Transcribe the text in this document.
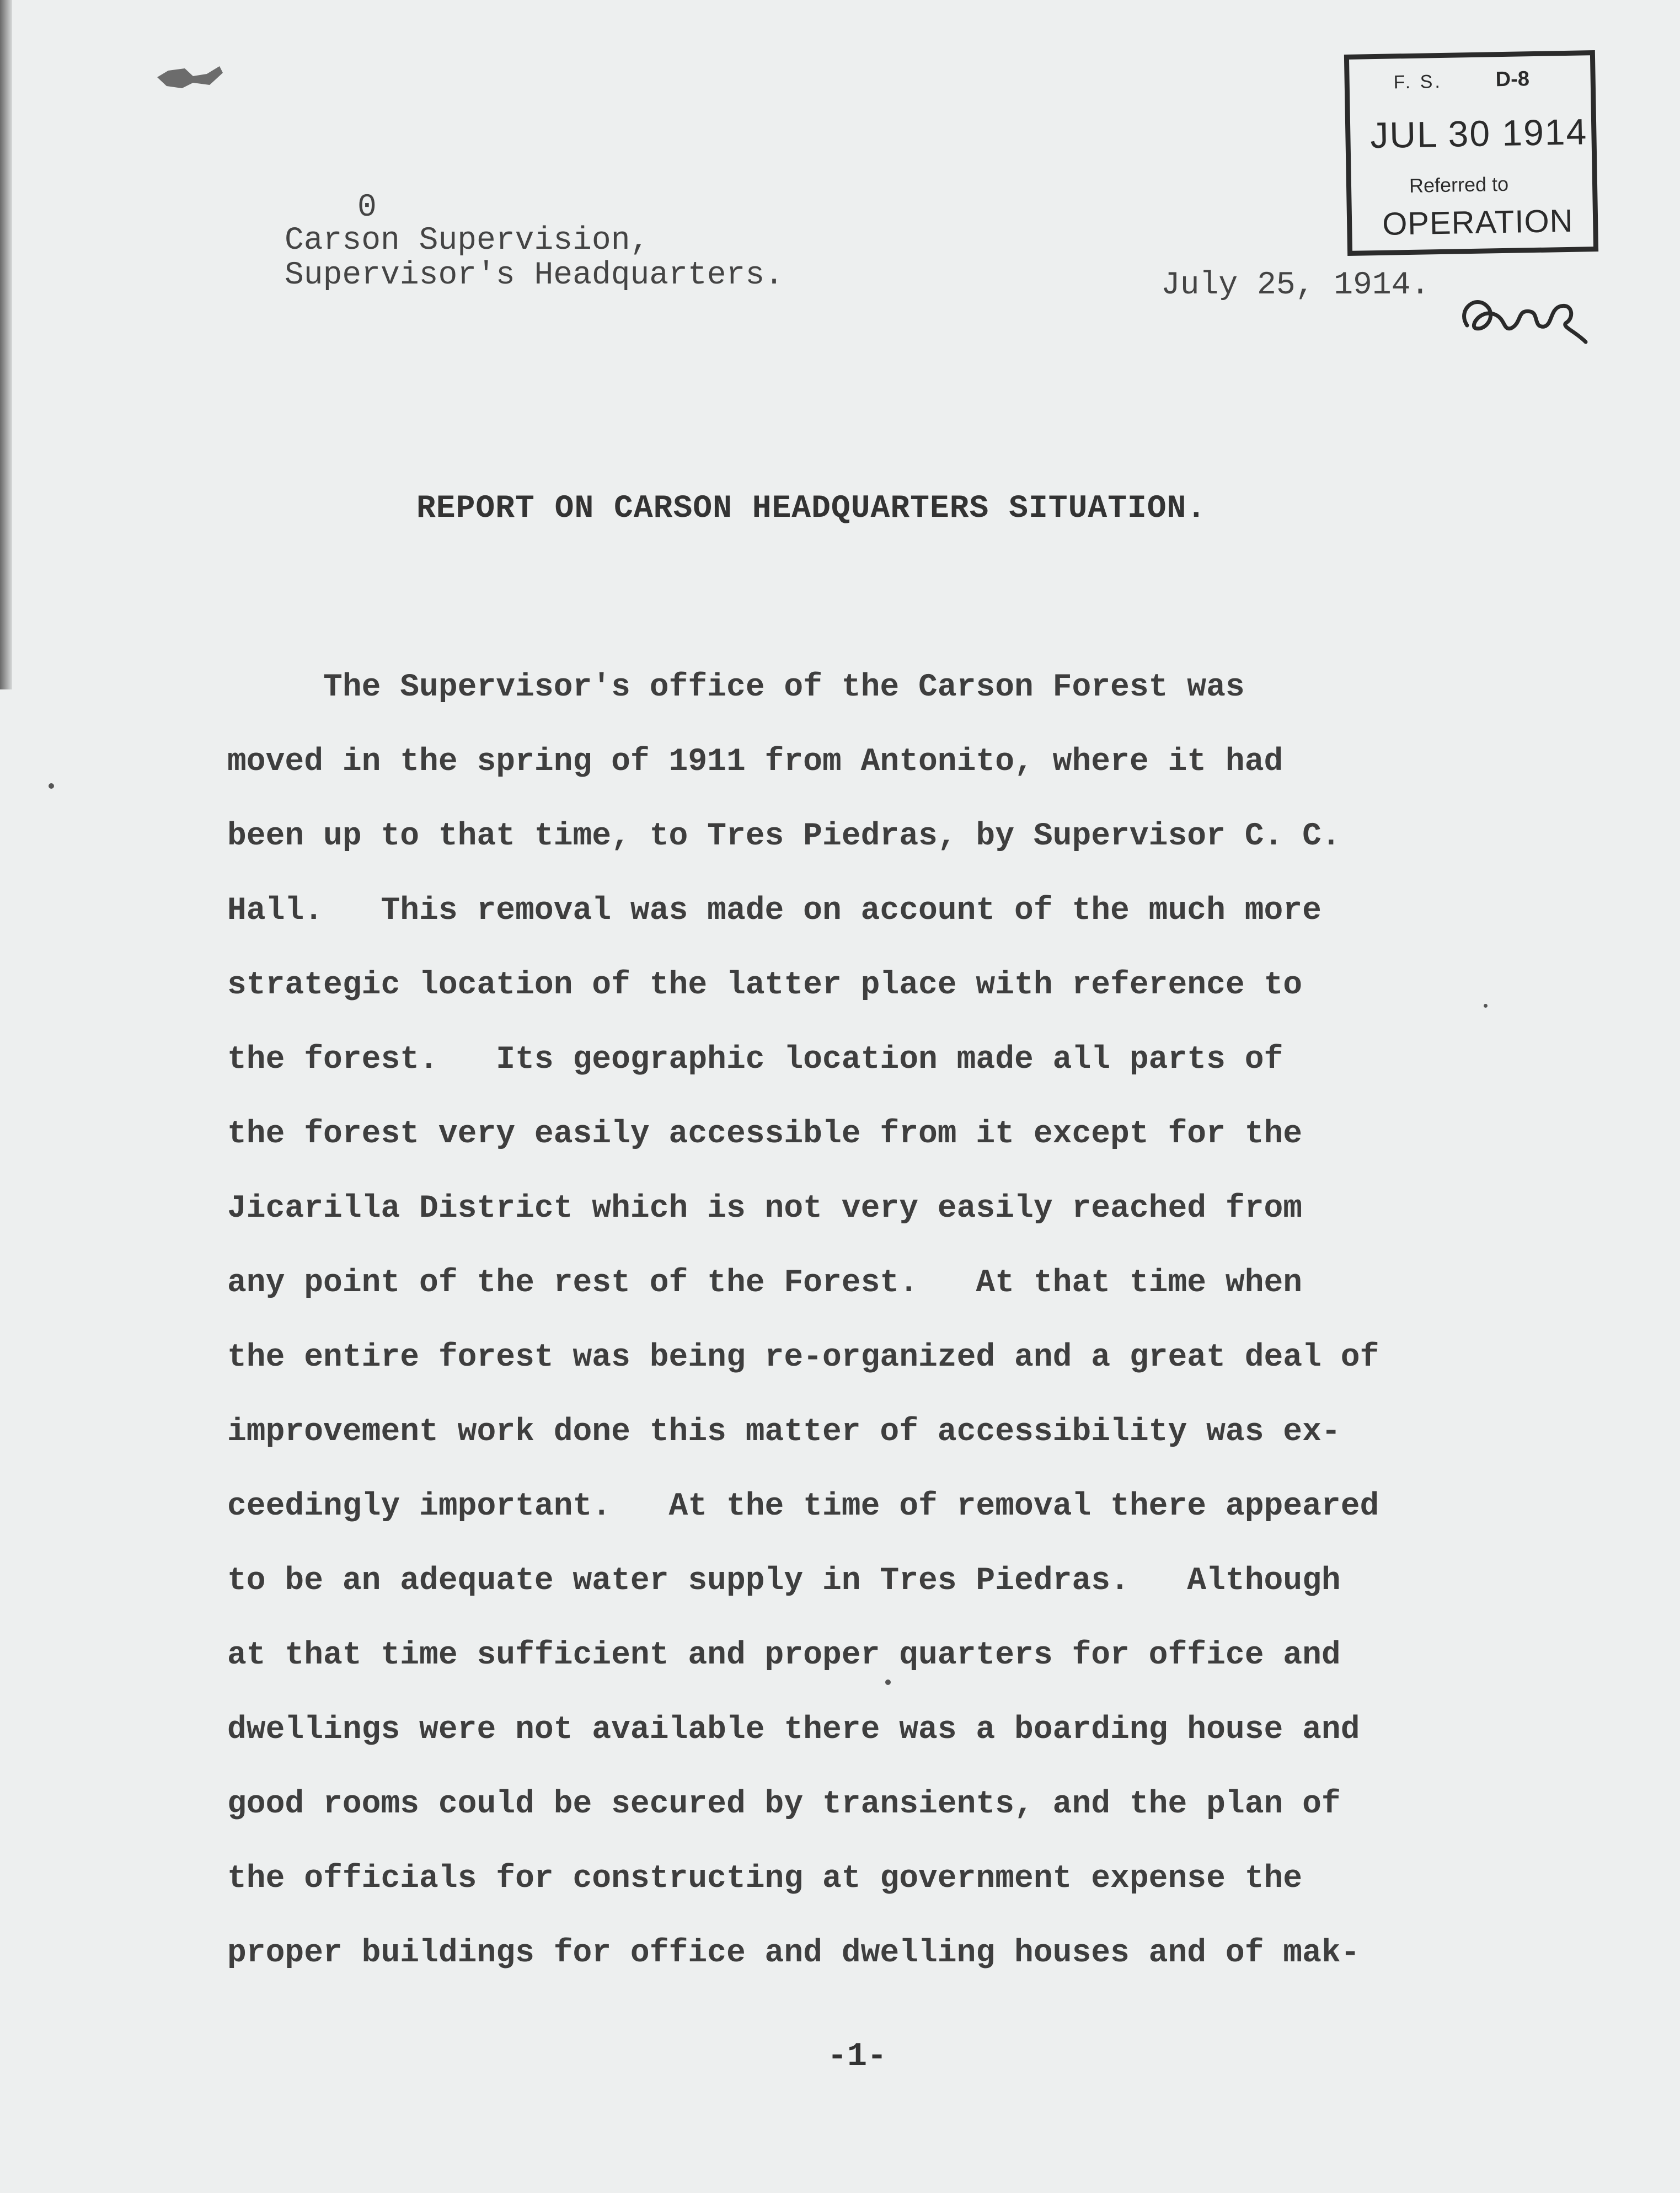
F. S.	D-8
JUL 30 1914
Referred to
OPERATION
0
Carson Supervision,
Supervisor's Headquarters.	July 25, 1914.
REPORT ON CARSON HEADQUARTERS SITUATION.
The Supervisor's office of the Carson Forest was
moved in the spring of 1911 from Antonito, where it had
been up to that time, to Tres Piedras, by Supervisor C. C.
Hall.   This removal was made on account of the much more
strategic location of the latter place with reference to
the forest.   Its geographic location made all parts of
the forest very easily accessible from it except for the
Jicarilla District which is not very easily reached from
any point of the rest of the Forest.   At that time when
the entire forest was being re-organized and a great deal of
improvement work done this matter of accessibility was ex-
ceedingly important.   At the time of removal there appeared
to be an adequate water supply in Tres Piedras.   Although
at that time sufficient and proper quarters for office and
dwellings were not available there was a boarding house and
good rooms could be secured by transients, and the plan of
the officials for constructing at government expense the
proper buildings for office and dwelling houses and of mak-
-1-
